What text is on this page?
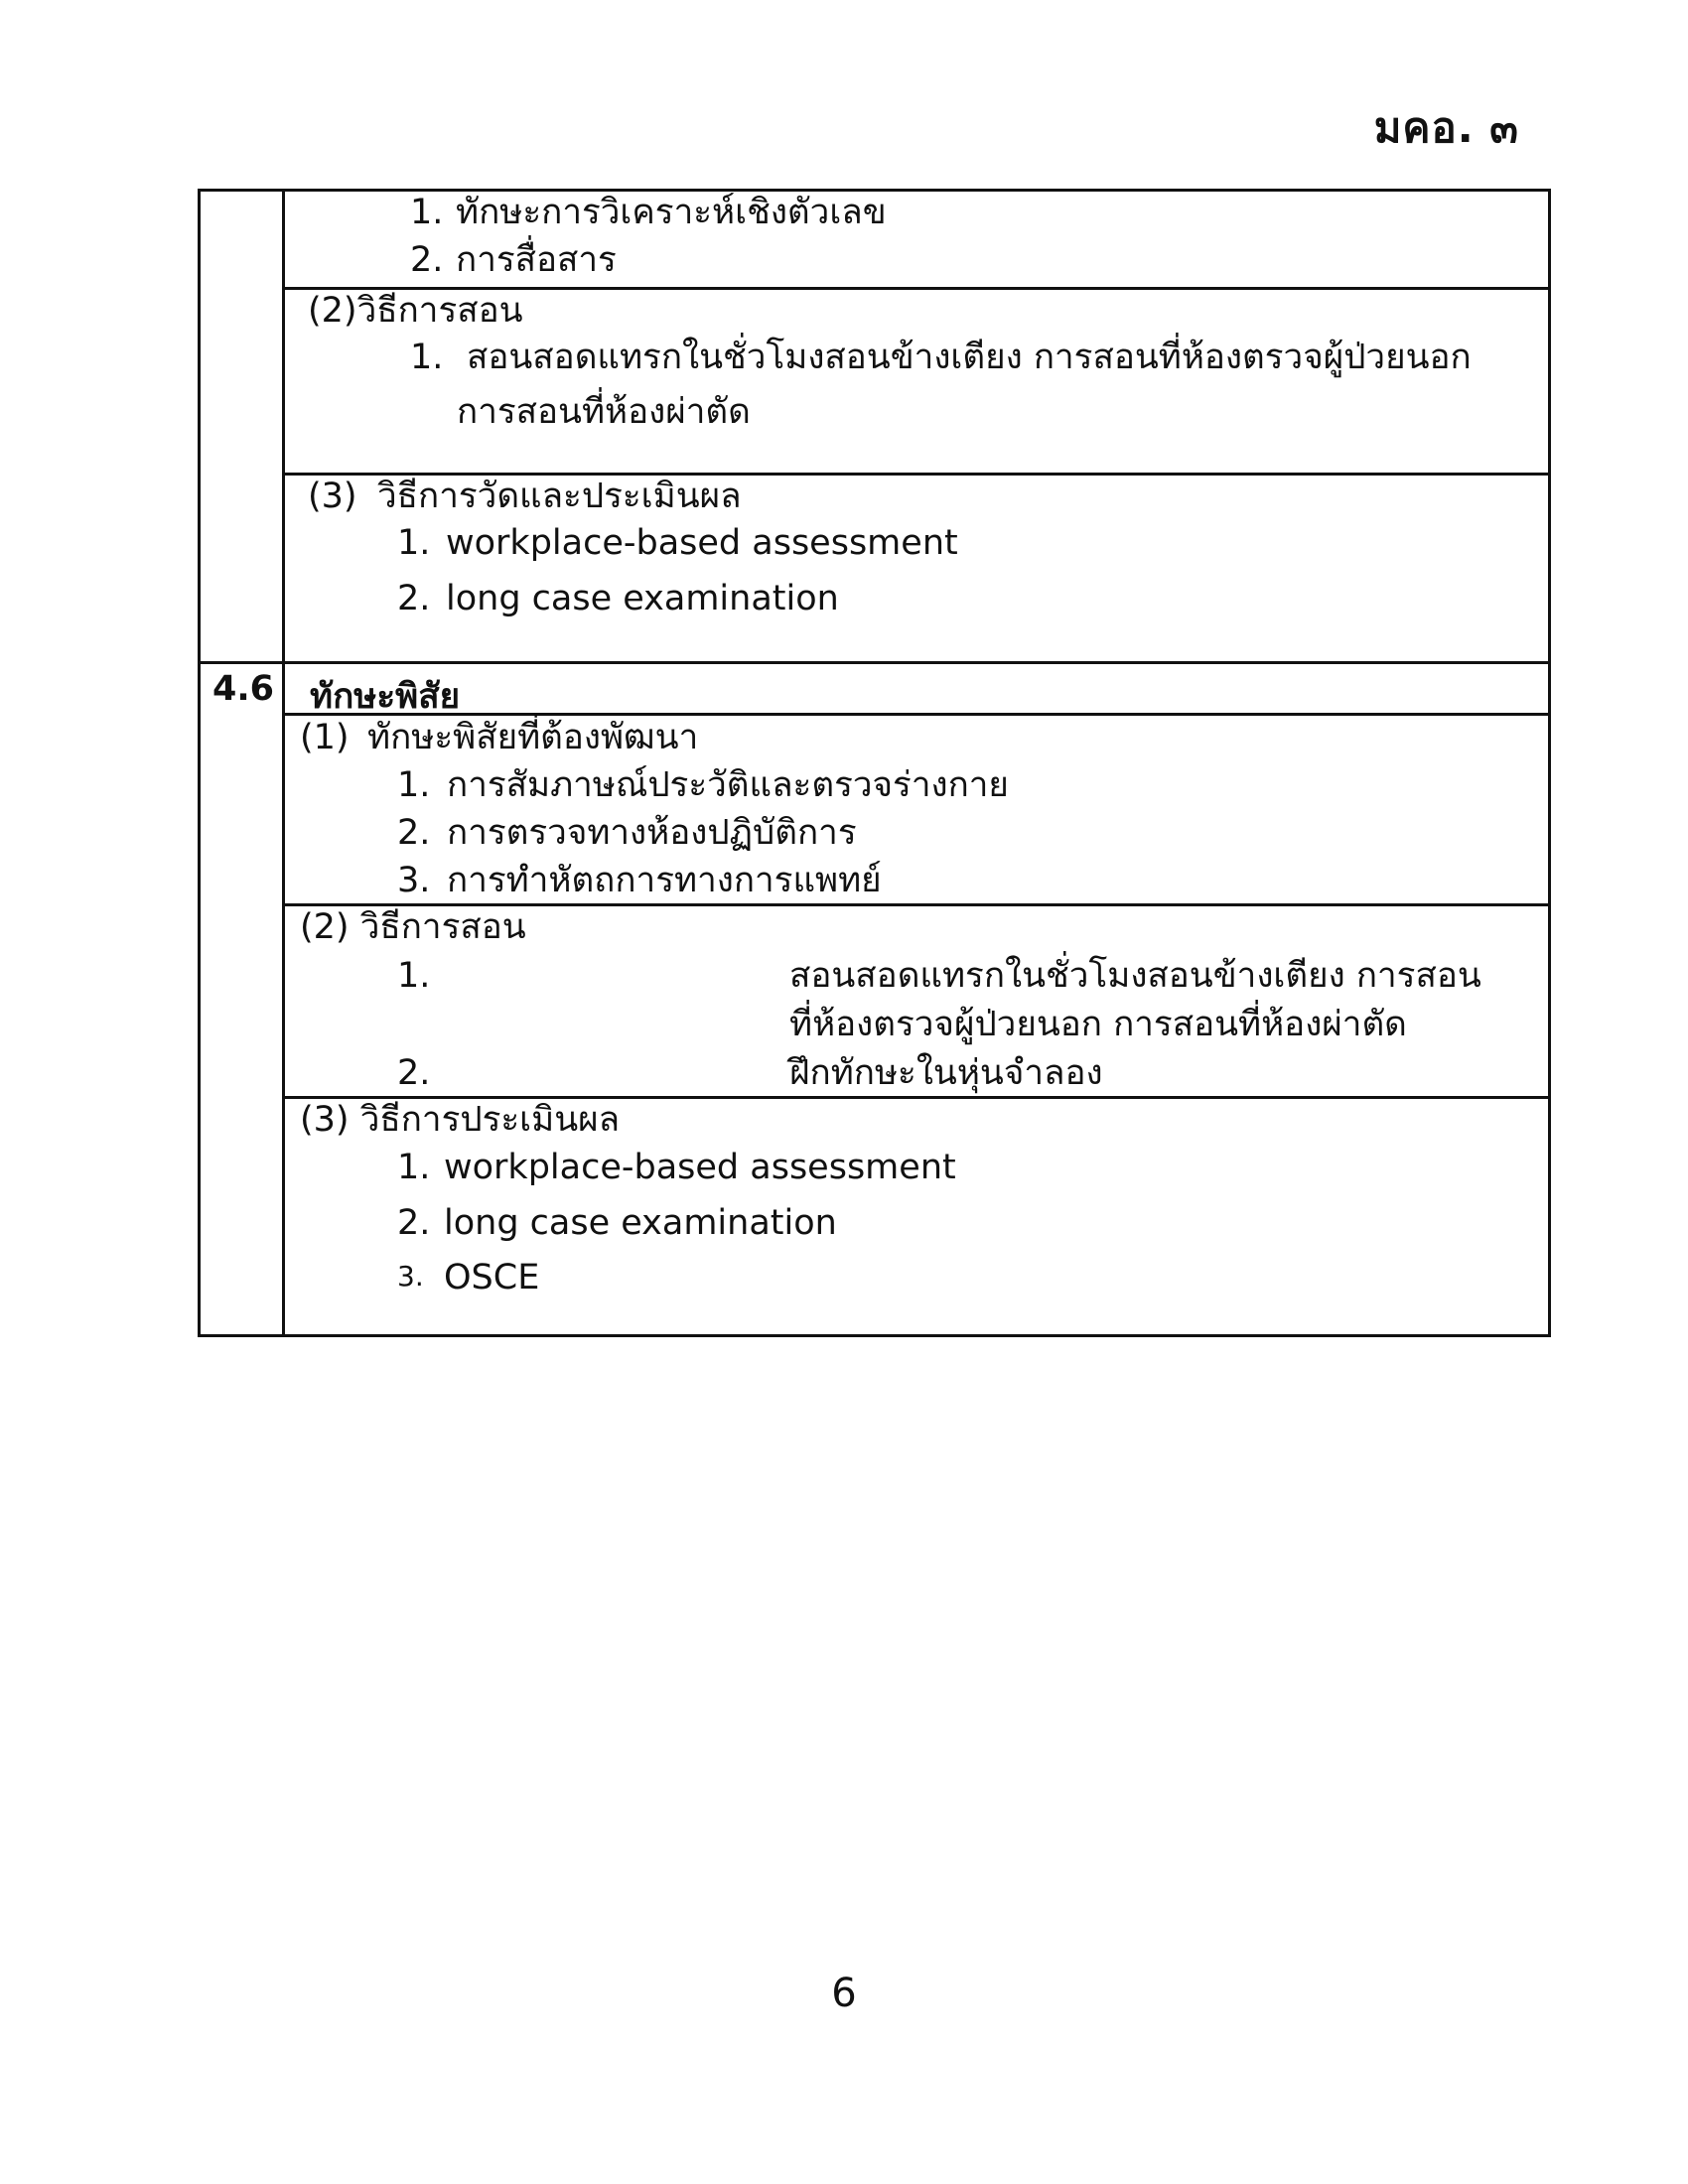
มคอ. ๓
1. ทักษะการวิเคราะห์เชิงตัวเลข
2. การสื่อสาร
(2)วิธีการสอน
1. สอนสอดแทรกในชั่วโมงสอนข้างเตียง การสอนที่ห้องตรวจผู้ป่วยนอก
การสอนที่ห้องผ่าตัด
(3) วิธีการวัดและประเมินผล
1. workplace-based assessment
2. long case examination
4.6 ทักษะพิสัย
(1) ทักษะพิสัยที่ต้องพัฒนา
1. การสัมภาษณ์ประวัติและตรวจร่างกาย
2. การตรวจทางห้องปฏิบัติการ
3. การทำหัตถการทางการแพทย์
(2) วิธีการสอน
1.	สอนสอดแทรกในชั่วโมงสอนข้างเตียง การสอน
ที่ห้องตรวจผู้ป่วยนอก การสอนที่ห้องผ่าตัด
2.	ฝึกทักษะในหุ่นจำลอง
(3) วิธีการประเมินผล
1. workplace-based assessment
2. long case examination
3. OSCE
6
